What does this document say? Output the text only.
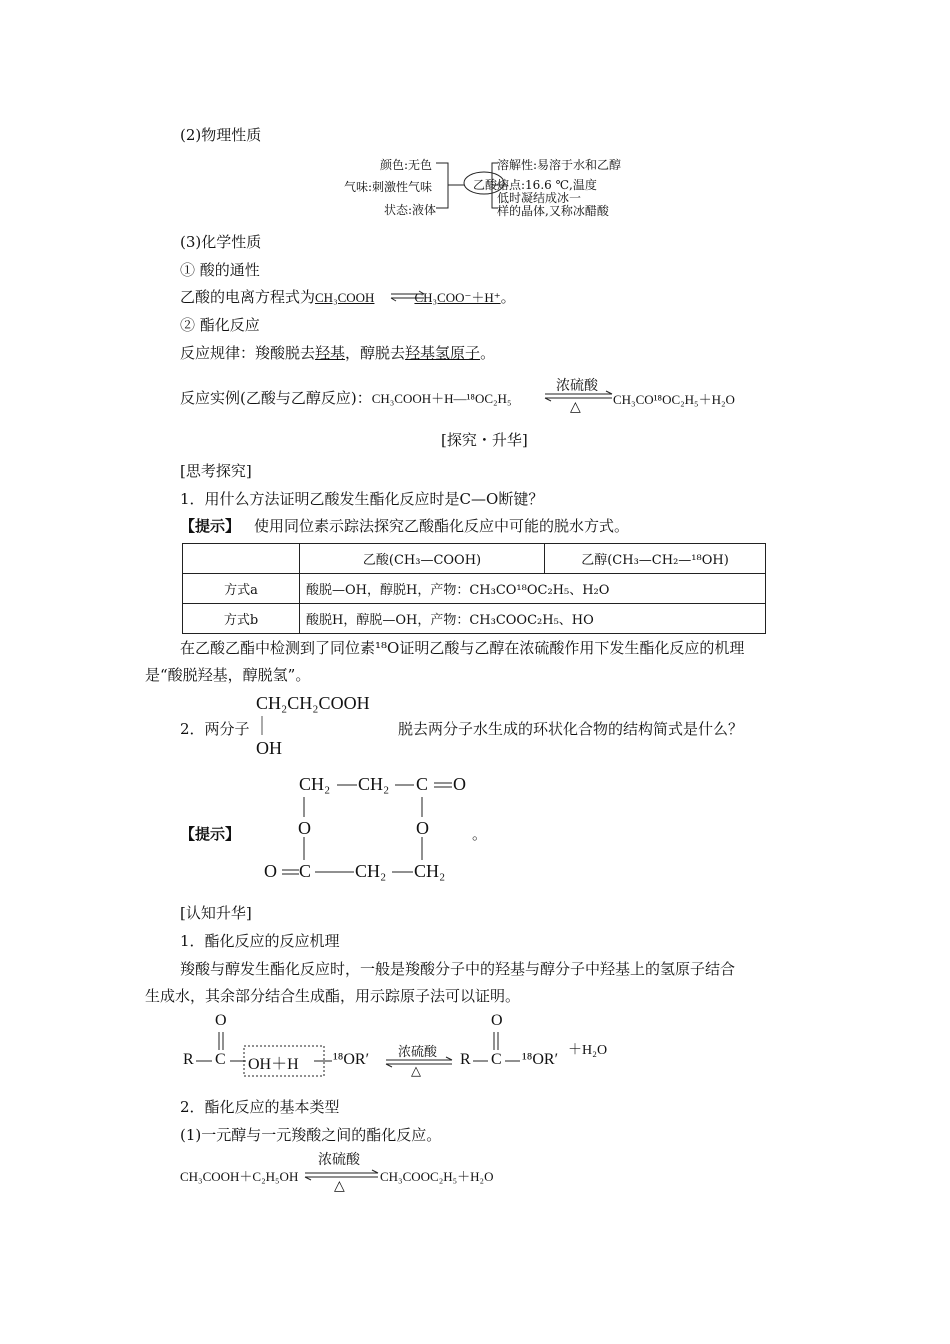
(2)物理性质
颜色:无色
气味:刺激性气味
状态:液体
乙酸
溶解性:易溶于水和乙醇
熔点:16.6 ℃,温度
低时凝结成冰一
样的晶体,又称冰醋酸
(3)化学性质
① 酸的通性
乙酸的电离方程式为CH₃COOH	CH₃COO⁻＋H⁺。
② 酯化反应
反应规律：羧酸脱去羟基，醇脱去羟基氢原子。
反应实例(乙酸与乙醇反应)：CH₃COOH＋H—¹⁸OC₂H₅
浓硫酸
△ CH₃CO¹⁸OC₂H₅＋H₂O
[探究・升华]
[思考探究]
1．用什么方法证明乙酸发生酯化反应时是C—O断键？
【提示】 使用同位素示踪法探究乙酸酯化反应中可能的脱水方式。
	乙酸(CH₃—COOH)	乙醇(CH₃—CH₂—¹⁸OH)
方式a	酸脱—OH，醇脱H，产物：CH₃CO¹⁸OC₂H₅、H₂O	
方式b	酸脱H，醇脱—OH，产物：CH₃COOC₂H₅、HO	
在乙酸乙酯中检测到了同位素¹⁸O证明乙酸与乙醇在浓硫酸作用下发生酯化反应的机理
是“酸脱羟基，醇脱氢”。
CH₂CH₂COOH
2．两分子
OH
脱去两分子水生成的环状化合物的结构简式是什么？
CH₂ CH₂ C O
O	O
【提示】	。
O C CH₂ CH₂
[认知升华]
1．酯化反应的反应机理
羧酸与醇发生酯化反应时，一般是羧酸分子中的羟基与醇分子中羟基上的氢原子结合
生成水，其余部分结合生成酯，用示踪原子法可以证明。
O
R C OH＋H ¹⁸OR′ 浓硫酸
△
O
R C ¹⁸OR′
＋H₂O
2．酯化反应的基本类型
(1)一元醇与一元羧酸之间的酯化反应。
CH₃COOH＋C₂H₅OH
浓硫酸
△
CH₃COOC₂H₅＋H₂O
